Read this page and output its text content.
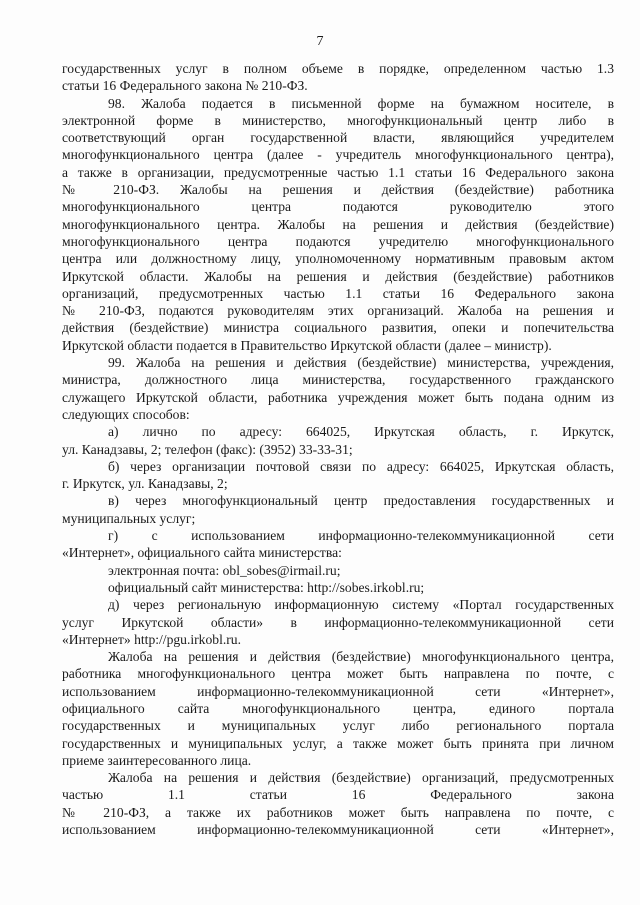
7
государственных услуг в полном объеме в порядке, определенном частью 1.3
статьи 16 Федерального закона № 210-ФЗ.
98. Жалоба подается в письменной форме на бумажном носителе, в
электронной форме в министерство, многофункциональный центр либо в
соответствующий орган государственной власти, являющийся учредителем
многофункционального центра (далее - учредитель многофункционального центра),
а также в организации, предусмотренные частью 1.1 статьи 16 Федерального закона
№ 210-ФЗ. Жалобы на решения и действия (бездействие) работника
многофункционального центра подаются руководителю этого
многофункционального центра. Жалобы на решения и действия (бездействие)
многофункционального центра подаются учредителю многофункционального
центра или должностному лицу, уполномоченному нормативным правовым актом
Иркутской области. Жалобы на решения и действия (бездействие) работников
организаций, предусмотренных частью 1.1 статьи 16 Федерального закона
№ 210-ФЗ, подаются руководителям этих организаций. Жалоба на решения и
действия (бездействие) министра социального развития, опеки и попечительства
Иркутской области подается в Правительство Иркутской области (далее – министр).
99. Жалоба на решения и действия (бездействие) министерства, учреждения,
министра, должностного лица министерства, государственного гражданского
служащего Иркутской области, работника учреждения может быть подана одним из
следующих способов:
а) лично по адресу: 664025, Иркутская область, г. Иркутск,
ул. Канадзавы, 2; телефон (факс): (3952) 33-33-31;
б) через организации почтовой связи по адресу: 664025, Иркутская область,
г. Иркутск, ул. Канадзавы, 2;
в) через многофункциональный центр предоставления государственных и
муниципальных услуг;
г) с использованием информационно-телекоммуникационной сети
«Интернет», официального сайта министерства:
электронная почта: obl_sobes@irmail.ru;
официальный сайт министерства: http://sobes.irkobl.ru;
д) через региональную информационную систему «Портал государственных
услуг Иркутской области» в информационно-телекоммуникационной сети
«Интернет» http://pgu.irkobl.ru.
Жалоба на решения и действия (бездействие) многофункционального центра,
работника многофункционального центра может быть направлена по почте, с
использованием информационно-телекоммуникационной сети «Интернет»,
официального сайта многофункционального центра, единого портала
государственных и муниципальных услуг либо регионального портала
государственных и муниципальных услуг, а также может быть принята при личном
приеме заинтересованного лица.
Жалоба на решения и действия (бездействие) организаций, предусмотренных
частью 1.1 статьи 16 Федерального закона
№ 210-ФЗ, а также их работников может быть направлена по почте, с
использованием информационно-телекоммуникационной сети «Интернет»,
